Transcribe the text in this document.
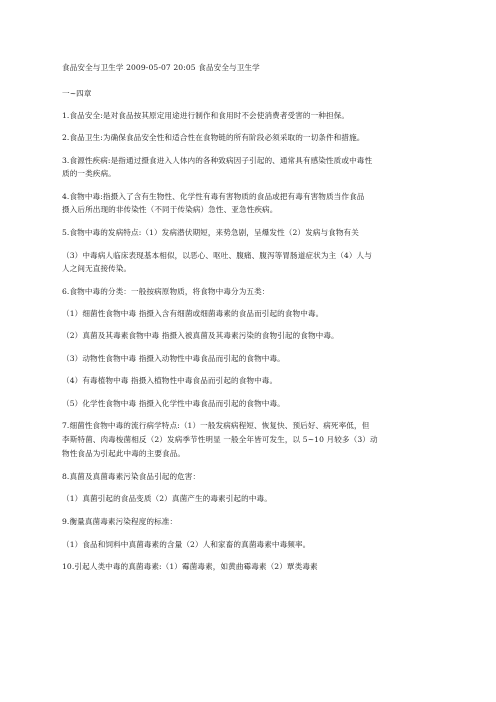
食品安全与卫生学 2009-05-07 20:05 食品安全与卫生学
一~四章
1.食品安全:是对食品按其原定用途进行制作和食用时不会使消费者受害的一种担保。
2.食品卫生:为确保食品安全性和适合性在食物链的所有阶段必须采取的一切条件和措施。
3.食源性疾病:是指通过摄食进入人体内的各种致病因子引起的、通常具有感染性质或中毒性
质的一类疾病。
4.食物中毒:指摄入了含有生物性、化学性有毒有害物质的食品或把有毒有害物质当作食品
摄入后所出现的非传染性（不同于传染病）急性、亚急性疾病。
5.食物中毒的发病特点:（1）发病潜伏期短，来势急剧，呈爆发性（2）发病与食物有关
（3）中毒病人临床表现基本相似，以恶心、呕吐、腹痛、腹泻等胃肠道症状为主（4）人与
人之间无直接传染。
6.食物中毒的分类：一般按病原物质，将食物中毒分为五类：
（1）细菌性食物中毒 指摄入含有细菌或细菌毒素的食品而引起的食物中毒。
（2）真菌及其毒素食物中毒 指摄入被真菌及其毒素污染的食物引起的食物中毒。
（3）动物性食物中毒 指摄入动物性中毒食品而引起的食物中毒。
（4）有毒植物中毒 指摄入植物性中毒食品而引起的食物中毒。
（5）化学性食物中毒 指摄入化学性中毒食品而引起的食物中毒。
7.细菌性食物中毒的流行病学特点:（1）一般发病病程短、恢复快、预后好、病死率低，但
李斯特菌、肉毒梭菌相反（2）发病季节性明显 一般全年皆可发生，以 5~10 月较多（3）动
物性食品为引起此中毒的主要食品。
8.真菌及真菌毒素污染食品引起的危害：
（1）真菌引起的食品变质（2）真菌产生的毒素引起的中毒。
9.衡量真菌毒素污染程度的标准：
（1）食品和饲料中真菌毒素的含量（2）人和家畜的真菌毒素中毒频率。
10.引起人类中毒的真菌毒素:（1）霉菌毒素，如黄曲霉毒素（2）覃类毒素
